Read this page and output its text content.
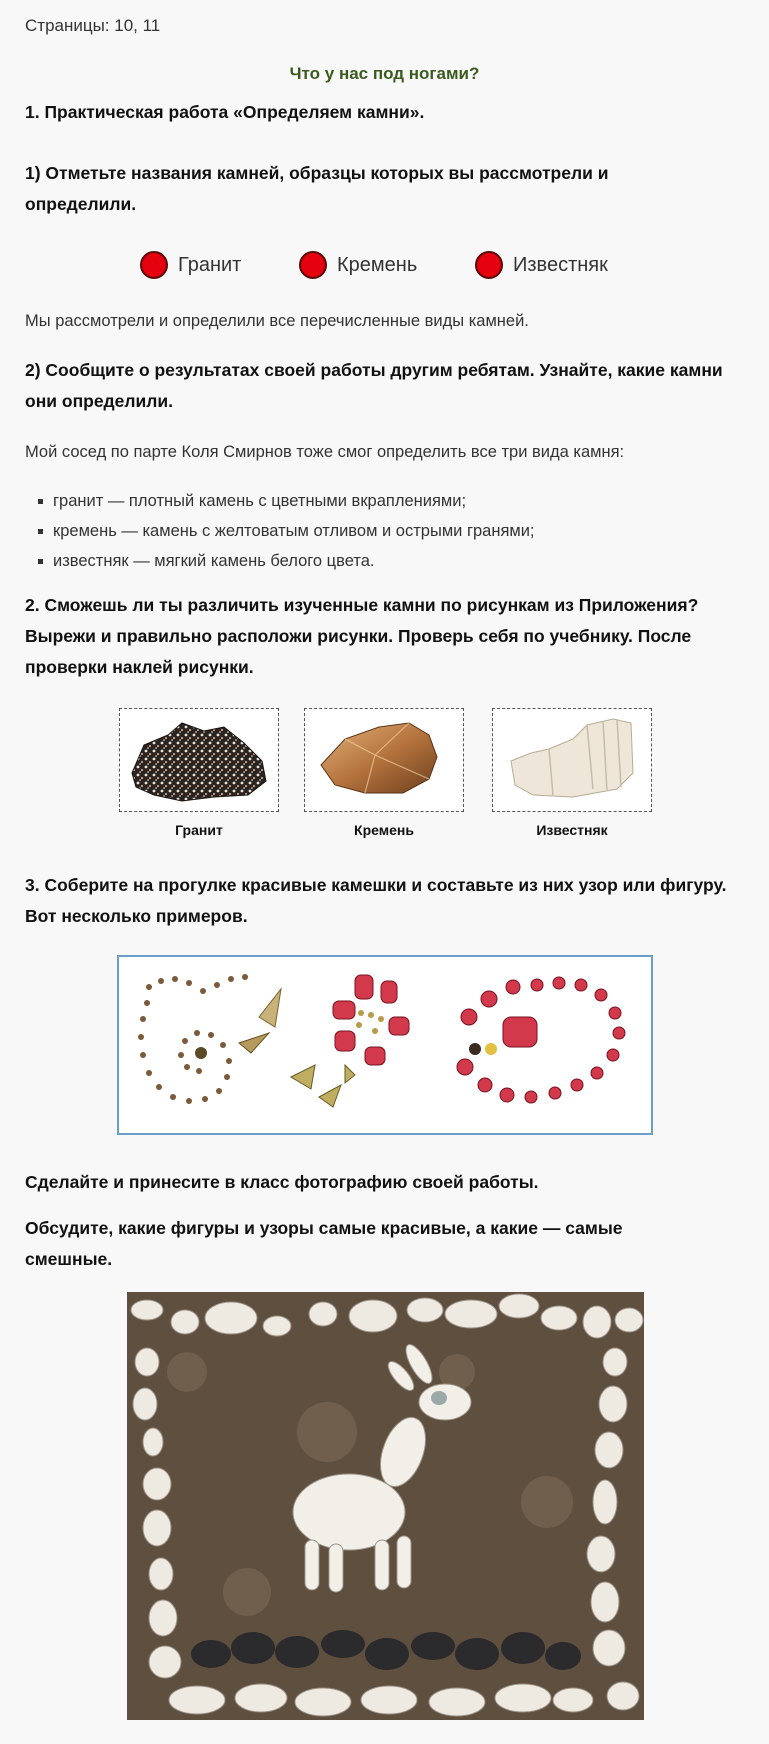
Страницы: 10, 11
Что у нас под ногами?
1. Практическая работа «Определяем камни».
1) Отметьте названия камней, образцы которых вы рассмотрели и определили.
Гранит	Кремень	Известняк
Мы рассмотрели и определили все перечисленные виды камней.
2) Сообщите о результатах своей работы другим ребятам. Узнайте, какие камни они определили.
Мой сосед по парте Коля Смирнов тоже смог определить все три вида камня:
гранит — плотный камень с цветными вкраплениями;
кремень — камень с желтоватым отливом и острыми гранями;
известняк — мягкий камень белого цвета.
2. Сможешь ли ты различить изученные камни по рисункам из Приложения? Вырежи и правильно расположи рисунки. Проверь себя по учебнику. После проверки наклей рисунки.
Гранит	Кремень	Известняк
3. Соберите на прогулке красивые камешки и составьте из них узор или фигуру. Вот несколько примеров.
Сделайте и принесите в класс фотографию своей работы.
Обсудите, какие фигуры и узоры самые красивые, а какие — самые смешные.
